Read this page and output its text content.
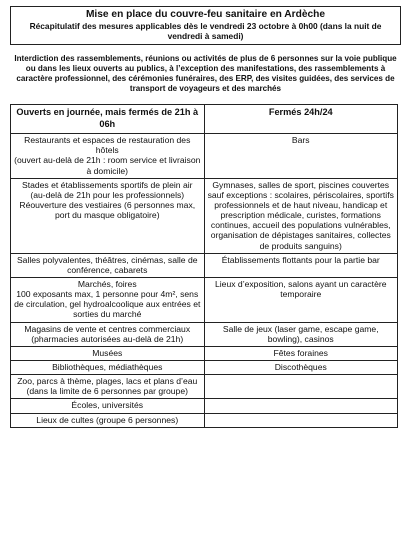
Mise en place du couvre-feu sanitaire en Ardèche
Récapitulatif des mesures applicables dès le vendredi 23 octobre à 0h00 (dans la nuit de vendredi à samedi)

Interdiction des rassemblements, réunions ou activités de plus de 6 personnes sur la voie publique ou dans les lieux ouverts au publics, à l’exception des manifestations, des rassemblements à caractère professionnel, des cérémonies funéraires, des ERP, des visites guidées, des services de transport de voyageurs et des marchés

Ouverts en journée, mais fermés de 21h à 06h	Fermés 24h/24
Restaurants et espaces de restauration des hôtels
(ouvert au-delà de 21h : room service et livraison à domicile)	Bars
Stades et établissements sportifs de plein air (au-delà de 21h pour les professionnels)
Réouverture des vestiaires (6 personnes max, port du masque obligatoire)	Gymnases, salles de sport, piscines couvertes sauf exceptions : scolaires, périscolaires, sportifs professionnels et de haut niveau, handicap et prescription médicale, curistes, formations continues, accueil des populations vulnérables, organisation de dépistages sanitaires, collectes de produits sanguins)
Salles polyvalentes, théâtres, cinémas, salle de conférence, cabarets	Établissements flottants pour la partie bar
Marchés, foires
100 exposants max, 1 personne pour 4m², sens de circulation, gel hydroalcoolique aux entrées et sorties du marché	Lieux d’exposition, salons ayant un caractère temporaire
Magasins de vente et centres commerciaux (pharmacies autorisées au-delà de 21h)	Salle de jeux (laser game, escape game, bowling), casinos
Musées	Fêtes foraines
Bibliothèques, médiathèques	Discothèques
Zoo, parcs à thème, plages, lacs et plans d’eau (dans la limite de 6 personnes par groupe)	
Écoles, universités	
Lieux de cultes (groupe 6 personnes)	
